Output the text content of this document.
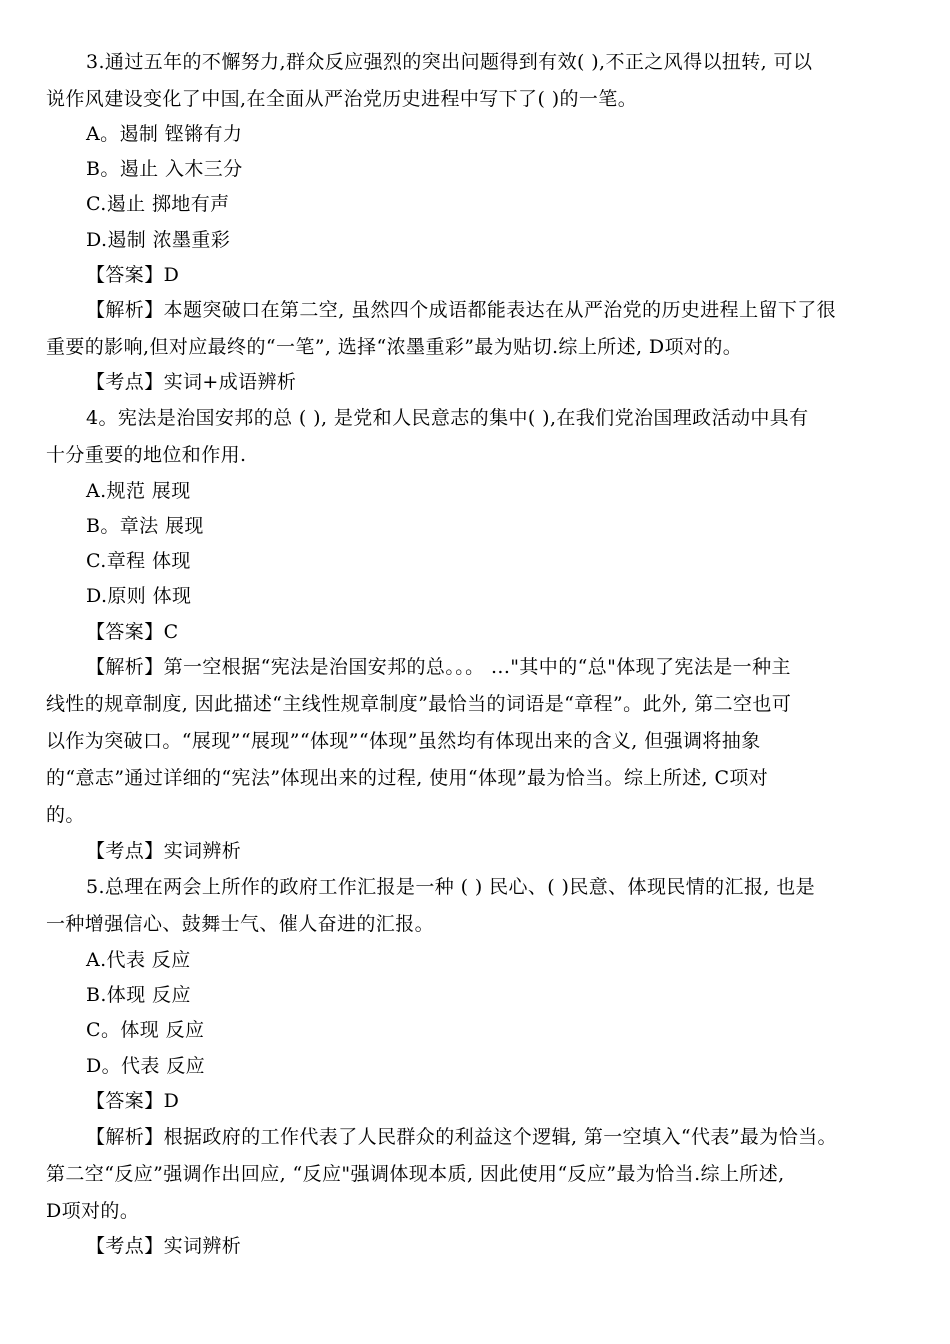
3.通过五年的不懈努力,群众反应强烈的突出问题得到有效( ),不正之风得以扭转, 可以
说作风建设变化了中国,在全面从严治党历史进程中写下了( )的一笔。
A。遏制 铿锵有力
B。遏止 入木三分
C.遏止 掷地有声
D.遏制 浓墨重彩
【答案】D
【解析】本题突破口在第二空, 虽然四个成语都能表达在从严治党的历史进程上留下了很
重要的影响,但对应最终的“一笔”, 选择“浓墨重彩”最为贴切.综上所述, D项对的。
【考点】实词+成语辨析
4。宪法是治国安邦的总 ( ), 是党和人民意志的集中( ),在我们党治国理政活动中具有
十分重要的地位和作用.
A.规范 展现
B。章法 展现
C.章程 体现
D.原则 体现
【答案】C
【解析】第一空根据“宪法是治国安邦的总。。。 ..."其中的“总"体现了宪法是一种主
线性的规章制度, 因此描述“主线性规章制度”最恰当的词语是“章程”。此外, 第二空也可
以作为突破口。“展现”“展现”“体现”“体现”虽然均有体现出来的含义, 但强调将抽象
的“意志”通过详细的“宪法”体现出来的过程, 使用“体现”最为恰当。综上所述, C项对
的。
【考点】实词辨析
5.总理在两会上所作的政府工作汇报是一种 ( ) 民心、( )民意、体现民情的汇报, 也是
一种增强信心、鼓舞士气、催人奋进的汇报。
A.代表 反应
B.体现 反应
C。体现 反应
D。代表 反应
【答案】D
【解析】根据政府的工作代表了人民群众的利益这个逻辑, 第一空填入“代表”最为恰当。
第二空“反应”强调作出回应, “反应"强调体现本质, 因此使用“反应”最为恰当.综上所述,
D项对的。
【考点】实词辨析
